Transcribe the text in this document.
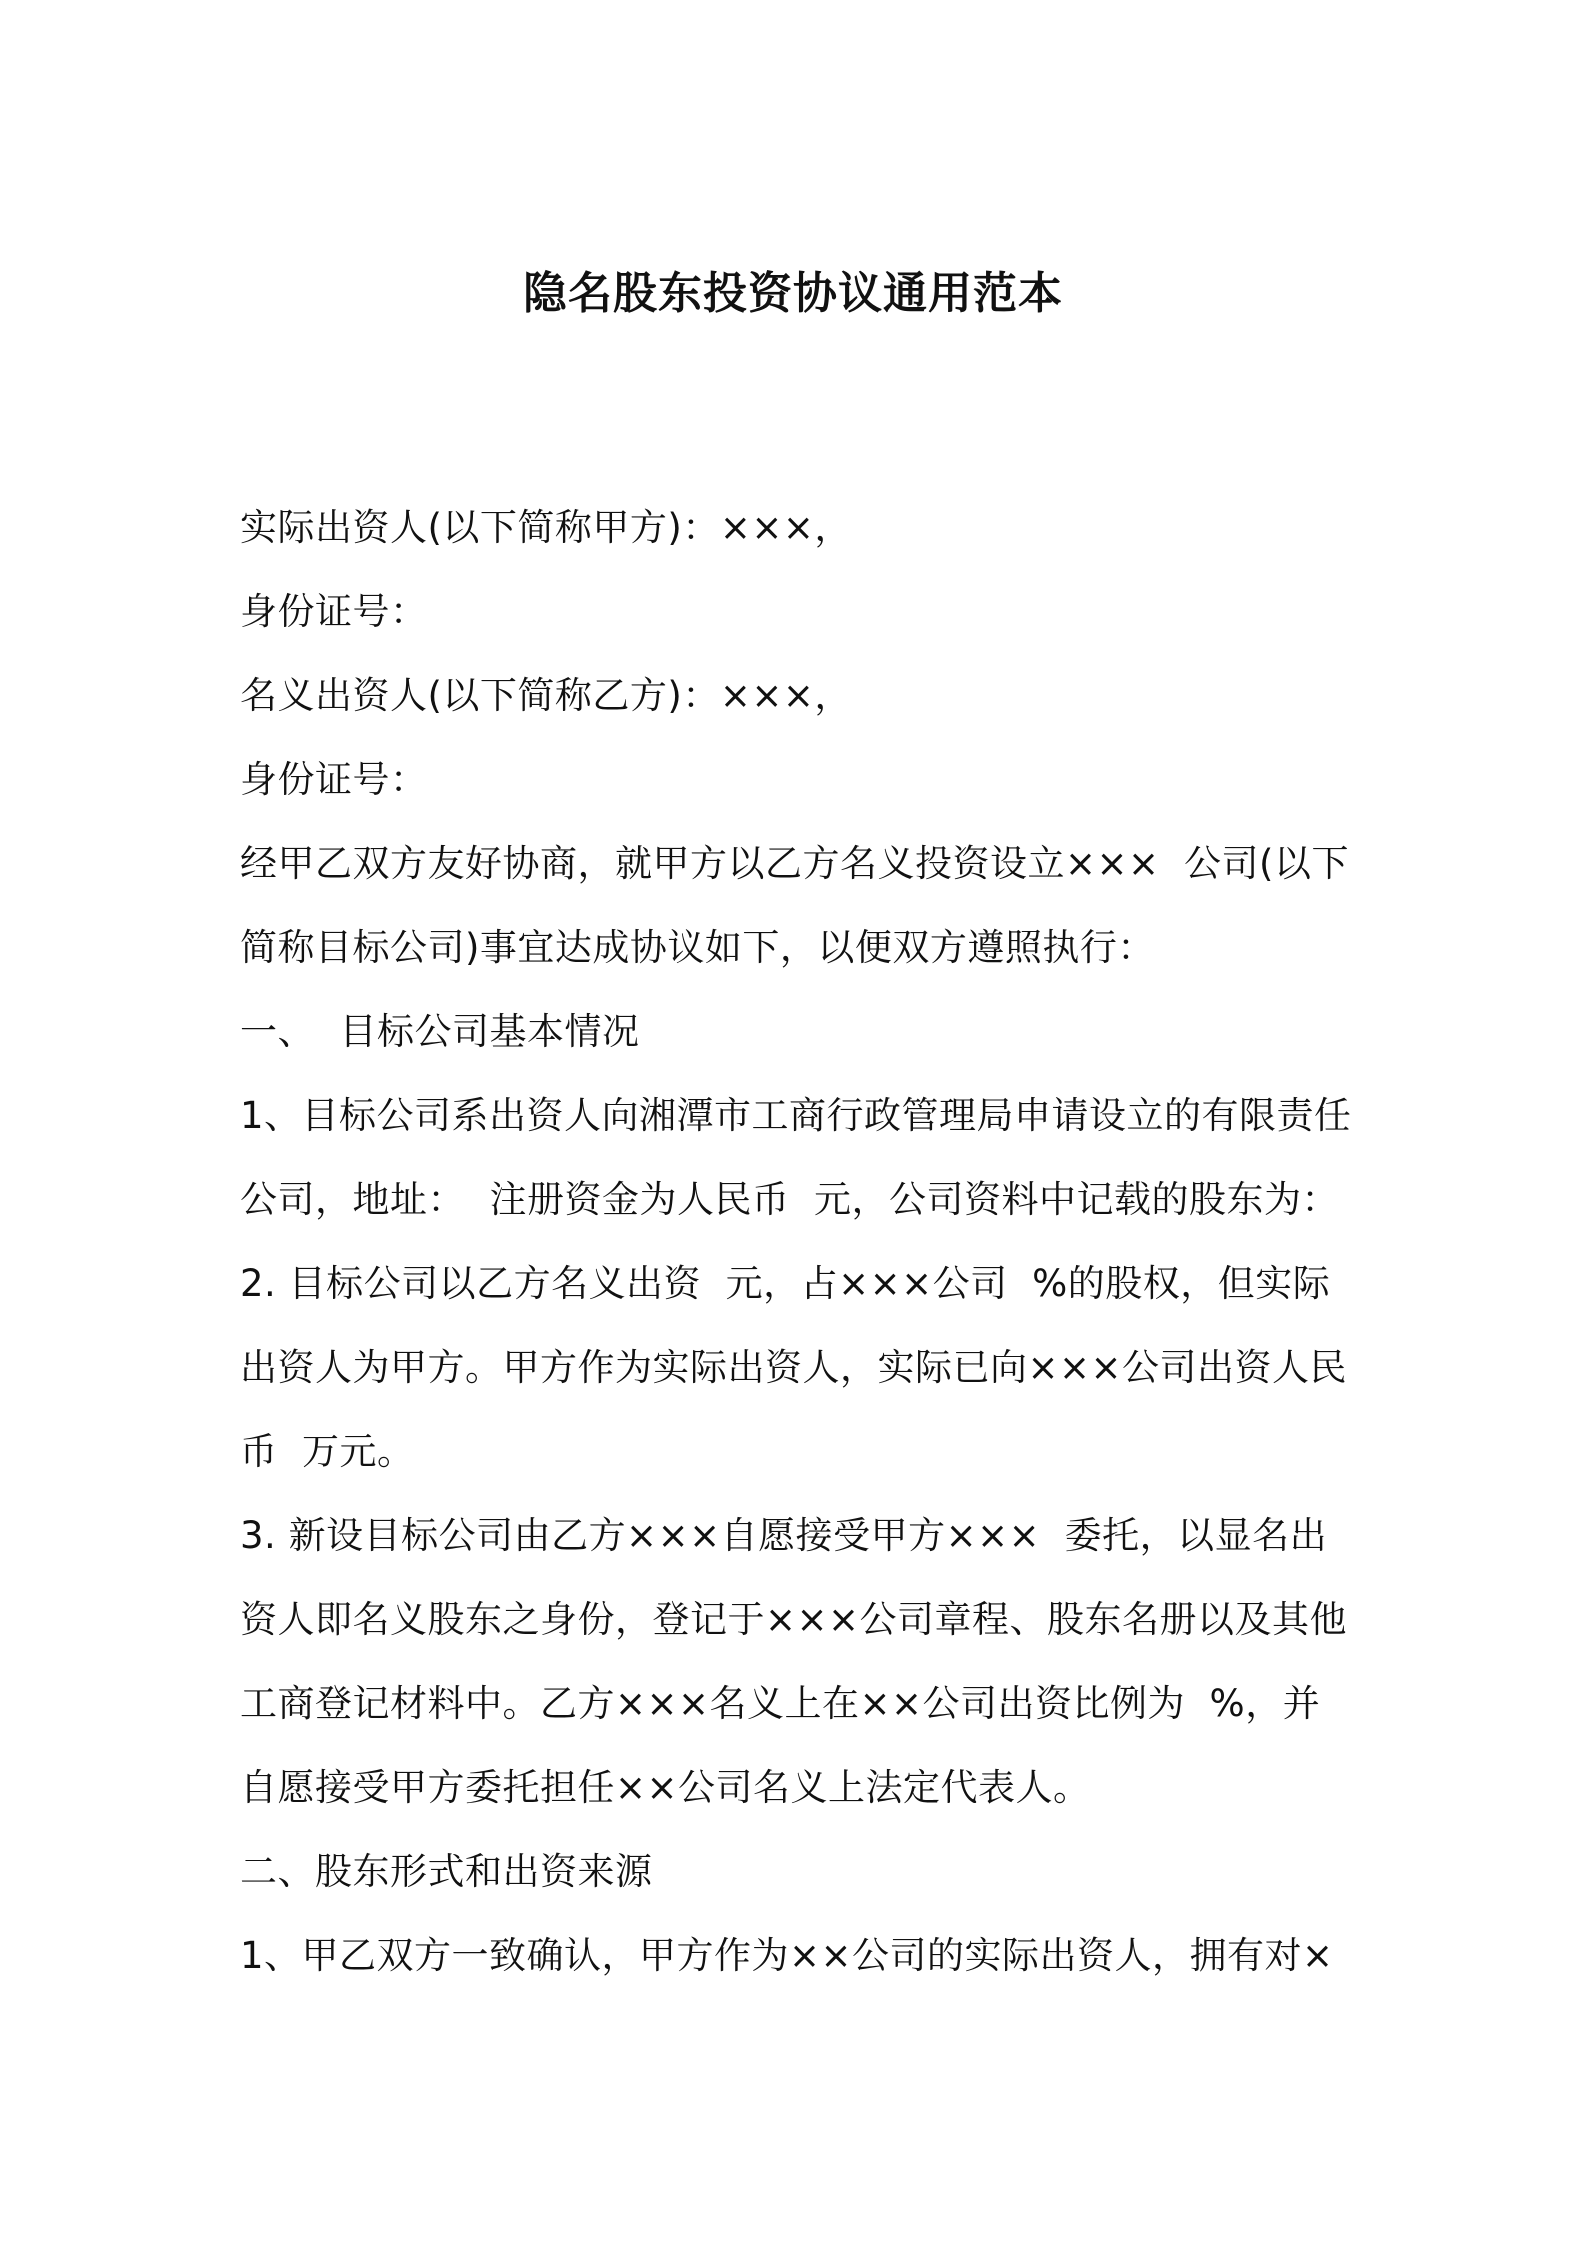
隐名股东投资协议通用范本
实际出资人(以下简称甲方)：×××，
身份证号：
名义出资人(以下简称乙方)：×××，
身份证号：
经甲乙双方友好协商，就甲方以乙方名义投资设立×××  公司(以下
简称目标公司)事宜达成协议如下，以便双方遵照执行：
一、  目标公司基本情况
1、目标公司系出资人向湘潭市工商行政管理局申请设立的有限责任
公司，地址：  注册资金为人民币  元，公司资料中记载的股东为：
2. 目标公司以乙方名义出资  元，占×××公司  %的股权，但实际
出资人为甲方。甲方作为实际出资人，实际已向×××公司出资人民
币  万元。
3. 新设目标公司由乙方×××自愿接受甲方×××  委托，以显名出
资人即名义股东之身份，登记于×××公司章程、股东名册以及其他
工商登记材料中。乙方×××名义上在××公司出资比例为  %，并
自愿接受甲方委托担任××公司名义上法定代表人。
二、股东形式和出资来源
1、甲乙双方一致确认，甲方作为××公司的实际出资人，拥有对×
